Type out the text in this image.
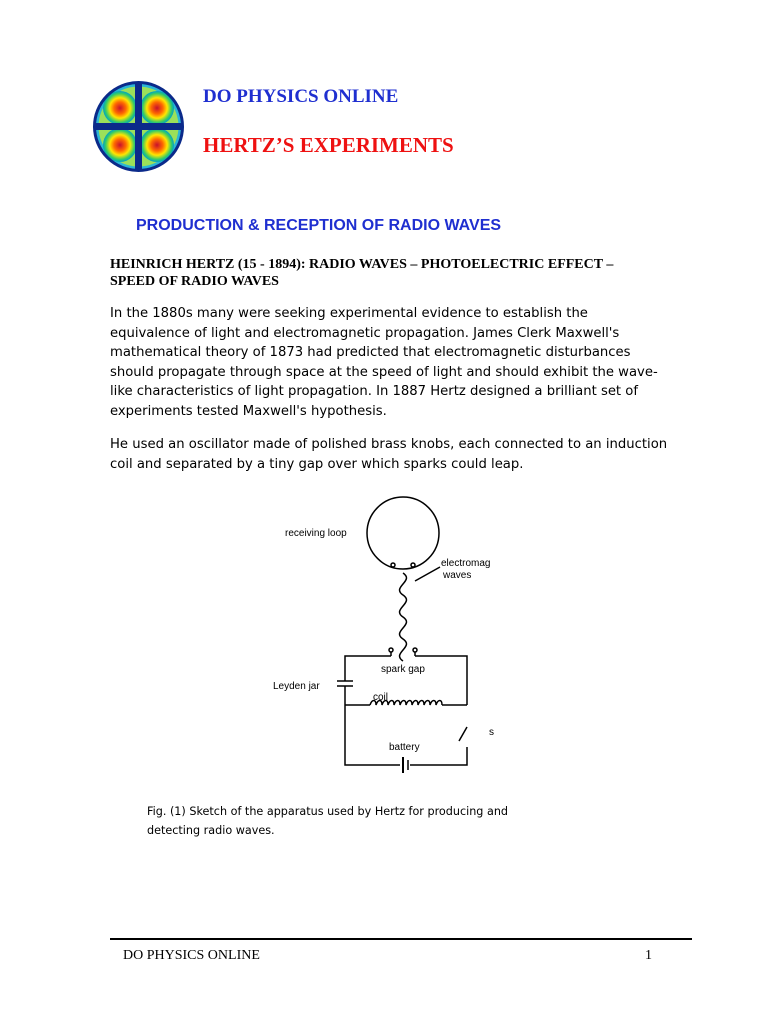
DO PHYSICS ONLINE
HERTZ’S EXPERIMENTS
PRODUCTION & RECEPTION OF RADIO WAVES
HEINRICH HERTZ (15 - 1894): RADIO WAVES – PHOTOELECTRIC EFFECT – SPEED OF RADIO WAVES

In the 1880s many were seeking experimental evidence to establish the equivalence of light and electromagnetic propagation. James Clerk Maxwell's mathematical theory of 1873 had predicted that electromagnetic disturbances should propagate through space at the speed of light and should exhibit the wave-like characteristics of light propagation. In 1887 Hertz designed a brilliant set of experiments tested Maxwell's hypothesis.

He used an oscillator made of polished brass knobs, each connected to an induction coil and separated by a tiny gap over which sparks could leap.

receiving loop
electromag
waves
spark gap
Leyden jar
coil
battery
s
Fig. (1) Sketch of the apparatus used by Hertz for producing and
detecting radio waves.
DO PHYSICS ONLINE	1
